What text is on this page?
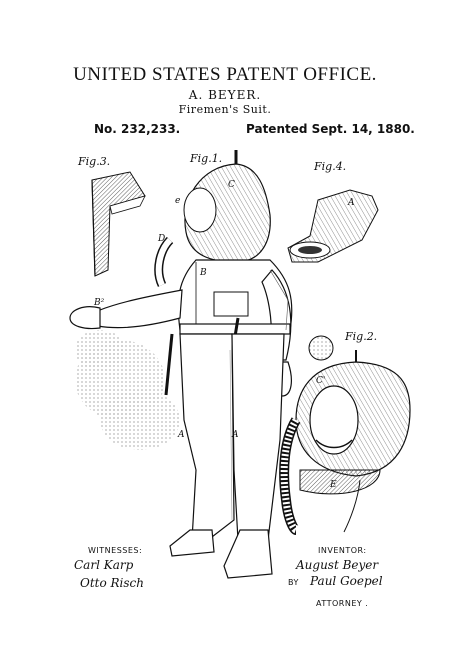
UNITED STATES PATENT OFFICE.
A. BEYER.
Firemen's Suit.
No. 232,233.	Patented Sept. 14, 1880.
Fig.3.	Fig.1.
Fig.4.
Fig.2.
C
e
D
B
B²
A	A
A
C'
E
WITNESSES:
Carl Karp
Otto Risch
INVENTOR:
August Beyer
BY Paul Goepel
ATTORNEY .
